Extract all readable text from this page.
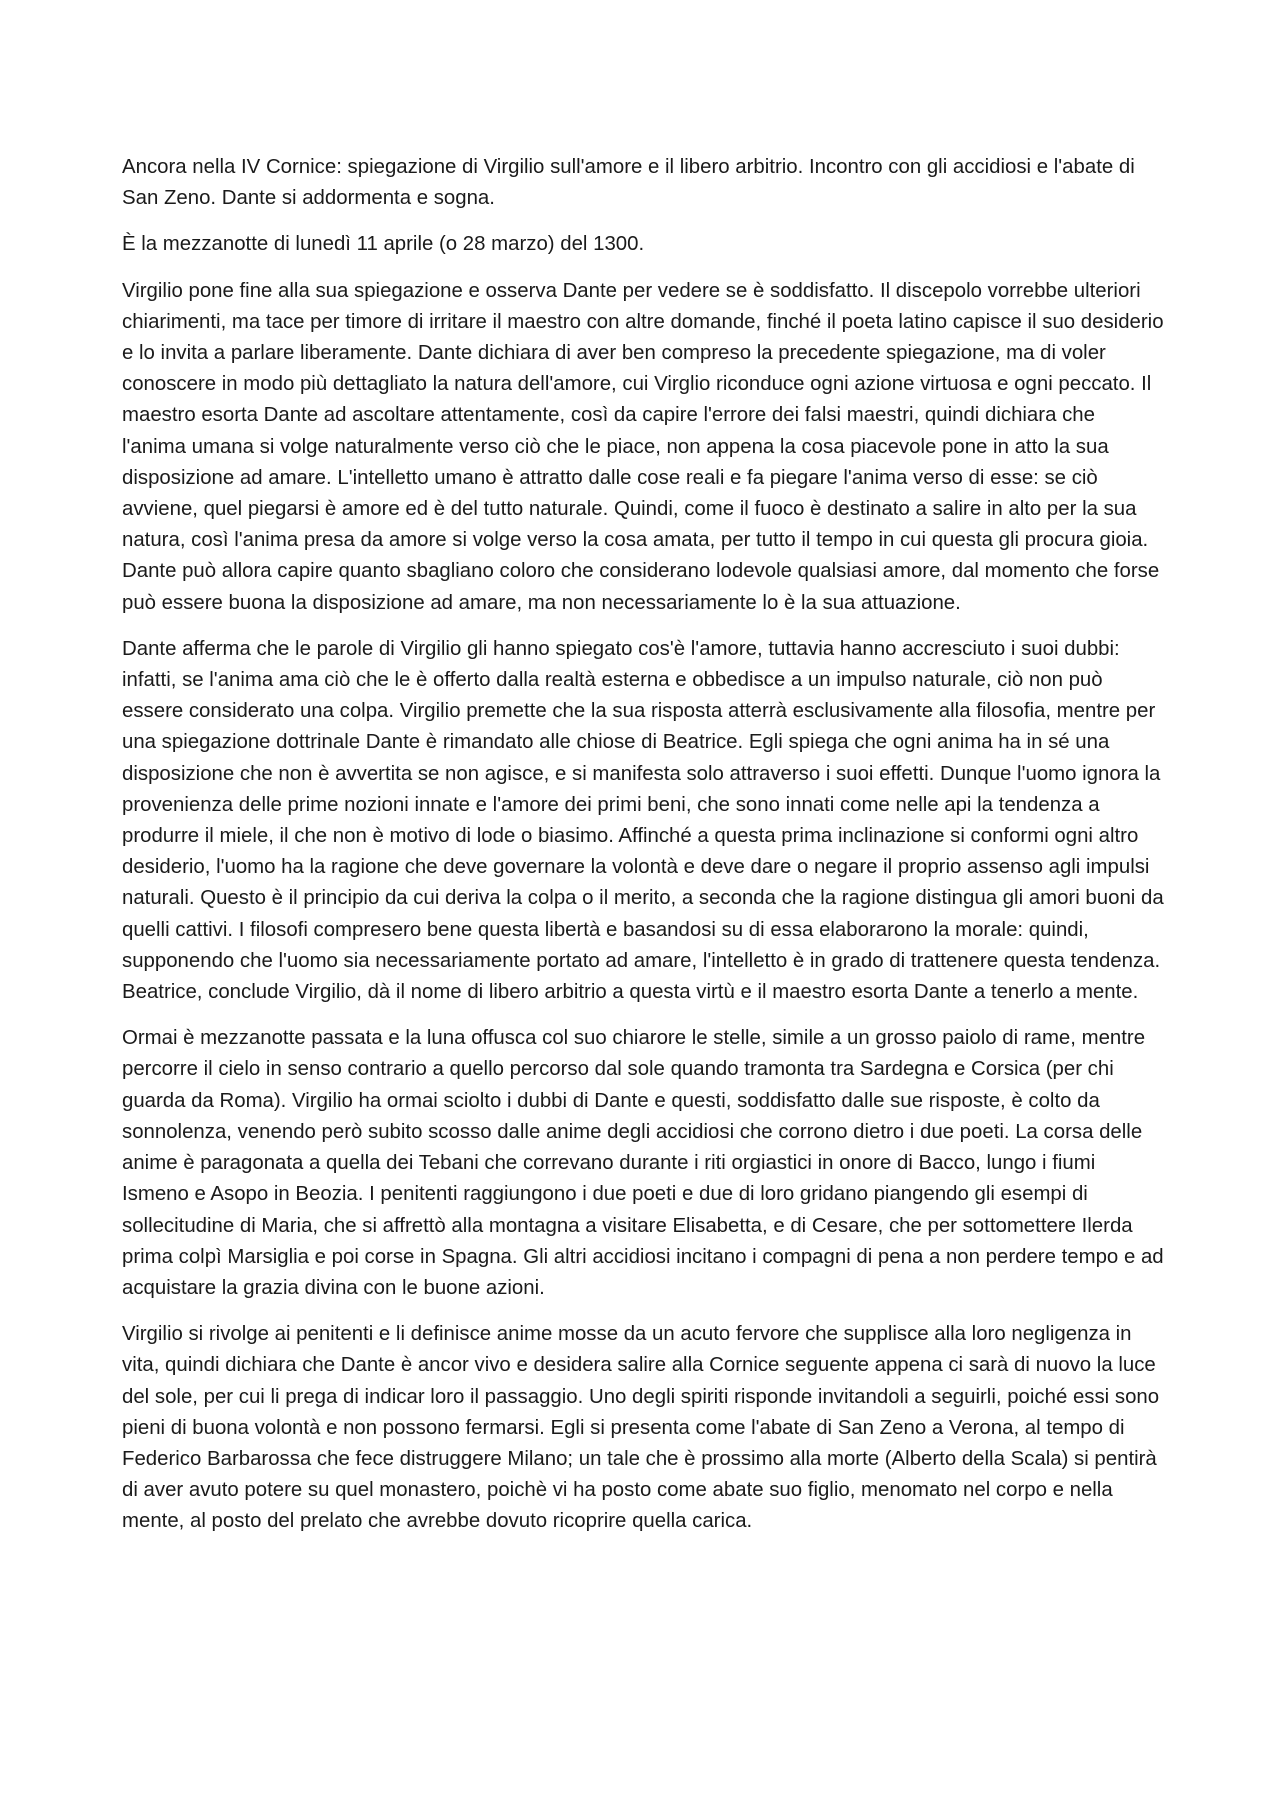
Ancora nella IV Cornice: spiegazione di Virgilio sull'amore e il libero arbitrio. Incontro con gli accidiosi e l'abate di San Zeno. Dante si addormenta e sogna.

È la mezzanotte di lunedì 11 aprile (o 28 marzo) del 1300.

Virgilio pone fine alla sua spiegazione e osserva Dante per vedere se è soddisfatto. Il discepolo vorrebbe ulteriori chiarimenti, ma tace per timore di irritare il maestro con altre domande, finché il poeta latino capisce il suo desiderio e lo invita a parlare liberamente. Dante dichiara di aver ben compreso la precedente spiegazione, ma di voler conoscere in modo più dettagliato la natura dell'amore, cui Virglio riconduce ogni azione virtuosa e ogni peccato. Il maestro esorta Dante ad ascoltare attentamente, così da capire l'errore dei falsi maestri, quindi dichiara che l'anima umana si volge naturalmente verso ciò che le piace, non appena la cosa piacevole pone in atto la sua disposizione ad amare. L'intelletto umano è attratto dalle cose reali e fa piegare l'anima verso di esse: se ciò avviene, quel piegarsi è amore ed è del tutto naturale. Quindi, come il fuoco è destinato a salire in alto per la sua natura, così l'anima presa da amore si volge verso la cosa amata, per tutto il tempo in cui questa gli procura gioia. Dante può allora capire quanto sbagliano coloro che considerano lodevole qualsiasi amore, dal momento che forse può essere buona la disposizione ad amare, ma non necessariamente lo è la sua attuazione.

Dante afferma che le parole di Virgilio gli hanno spiegato cos'è l'amore, tuttavia hanno accresciuto i suoi dubbi: infatti, se l'anima ama ciò che le è offerto dalla realtà esterna e obbedisce a un impulso naturale, ciò non può essere considerato una colpa. Virgilio premette che la sua risposta atterrà esclusivamente alla filosofia, mentre per una spiegazione dottrinale Dante è rimandato alle chiose di Beatrice. Egli spiega che ogni anima ha in sé una disposizione che non è avvertita se non agisce, e si manifesta solo attraverso i suoi effetti. Dunque l'uomo ignora la provenienza delle prime nozioni innate e l'amore dei primi beni, che sono innati come nelle api la tendenza a produrre il miele, il che non è motivo di lode o biasimo. Affinché a questa prima inclinazione si conformi ogni altro desiderio, l'uomo ha la ragione che deve governare la volontà e deve dare o negare il proprio assenso agli impulsi naturali. Questo è il principio da cui deriva la colpa o il merito, a seconda che la ragione distingua gli amori buoni da quelli cattivi. I filosofi compresero bene questa libertà e basandosi su di essa elaborarono la morale: quindi, supponendo che l'uomo sia necessariamente portato ad amare, l'intelletto è in grado di trattenere questa tendenza. Beatrice, conclude Virgilio, dà il nome di libero arbitrio a questa virtù e il maestro esorta Dante a tenerlo a mente.

Ormai è mezzanotte passata e la luna offusca col suo chiarore le stelle, simile a un grosso paiolo di rame, mentre percorre il cielo in senso contrario a quello percorso dal sole quando tramonta tra Sardegna e Corsica (per chi guarda da Roma). Virgilio ha ormai sciolto i dubbi di Dante e questi, soddisfatto dalle sue risposte, è colto da sonnolenza, venendo però subito scosso dalle anime degli accidiosi che corrono dietro i due poeti. La corsa delle anime è paragonata a quella dei Tebani che correvano durante i riti orgiastici in onore di Bacco, lungo i fiumi Ismeno e Asopo in Beozia. I penitenti raggiungono i due poeti e due di loro gridano piangendo gli esempi di sollecitudine di Maria, che si affrettò alla montagna a visitare Elisabetta, e di Cesare, che per sottomettere Ilerda prima colpì Marsiglia e poi corse in Spagna. Gli altri accidiosi incitano i compagni di pena a non perdere tempo e ad acquistare la grazia divina con le buone azioni.

Virgilio si rivolge ai penitenti e li definisce anime mosse da un acuto fervore che supplisce alla loro negligenza in vita, quindi dichiara che Dante è ancor vivo e desidera salire alla Cornice seguente appena ci sarà di nuovo la luce del sole, per cui li prega di indicar loro il passaggio. Uno degli spiriti risponde invitandoli a seguirli, poiché essi sono pieni di buona volontà e non possono fermarsi. Egli si presenta come l'abate di San Zeno a Verona, al tempo di Federico Barbarossa che fece distruggere Milano; un tale che è prossimo alla morte (Alberto della Scala) si pentirà di aver avuto potere su quel monastero, poichè vi ha posto come abate suo figlio, menomato nel corpo e nella mente, al posto del prelato che avrebbe dovuto ricoprire quella carica.
